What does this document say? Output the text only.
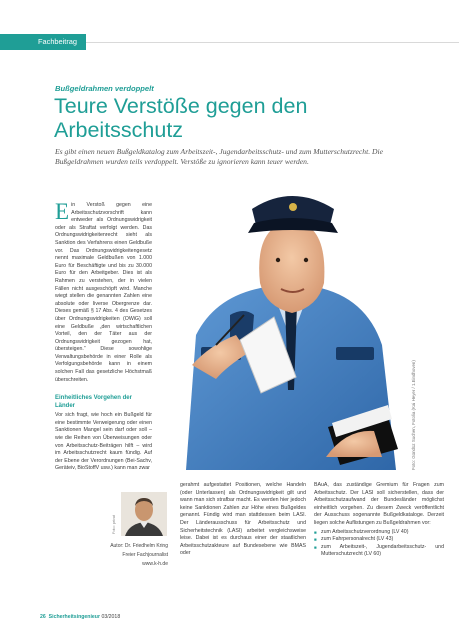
Fachbeitrag
Bußgeldrahmen verdoppelt
Teure Verstöße gegen den Arbeitsschutz

Es gibt einen neuen Bußgeldkatalog zum Arbeitszeit-, Jugendarbeitsschutz- und zum Mutterschutzrecht. Die Bußgeldrahmen wurden teils verdoppelt. Verstöße zu ignorieren kann teuer werden.

Ein Verstoß gegen eine Arbeitsschutzvorschrift kann entweder als Ordnungswidrigkeit oder als Straftat verfolgt werden. Das Ordnungswidrigkeitenrecht sieht als Sanktion des Verfahrens einen Geldbuße vor. Das Ordnungswidrigkeitengesetz nennt maximale Geldbußen von 1.000 Euro für Beschäftigte und bis zu 30.000 Euro für den Arbeitgeber. Dies ist als Rahmen zu verstehen, der in vielen Fällen nicht ausgeschöpft wird. Manche wiegt stellen die genannten Zahlen eine absolute oder Iiverse Obergrenze dar. Dieses gemäß § 17 Abs. 4 des Gesetzes über Ordnungswidrigkeiten (OWiG) soll eine Geldbuße „den wirtschaftlichen Vorteil, den der Täter aus der Ordnungswidrigkeit gezogen hat, übersteigen.“ Diese sowohlige Verwaltungsbehörde in einer Rolle als Verfolgungsbehörde kann in einem solchen Fall das gesetzliche Höchstmaß überschreiten.
Einheitliches Vorgehen der Länder
Vor sich fragt, wie hoch ein Bußgeld für eine bestimmte Verweigerung oder einen Sanktionen Mangel sein darf oder soll – wie die Reihen von Überweisungen oder von Arbeitsschutz-Beiträgen hilft – wird im Arbeitsschutzrecht kaum fündig. Auf der Ebene der Verordnungen (Bei-Sachv, Geräteiv, BioStoffV usw.) kann man zwar
gerahmt aufgestattet Positionen, welche Handeln (oder Unterlassen) als Ordnungswidrigkeit gilt und wann man sich strafbar macht. Es werden hier jedoch keine Sanktionen Zahlen zur Höhe eines Bußgeldes genannt. Fündig wird man stattdessen beim LASI. Der Länderausschuss für Arbeitsschutz und Sicherheitstechnik (LASI) arbeitet vergleichsweise leise. Dabei ist es durchaus einer der staatlichen Arbeitsschutzakteure auf Bundesebene wie BMAS oder
BAuA, das zuständige Gremium für Fragen zum Arbeitsschutz. Der LASI soll sicherstellen, dass der Arbeitsschutzaufwand der Bundesländer möglichst einheitlich vorgehen. Zu diesem Zweck veröffentlicht der Ausschuss sogenannte Bußgeldkataloge. Derzeit liegen solche Auflistungen zu Bußgeldrahmen vor:
■ zum Arbeitsschutzverordnung (LV 40)
■ zum Fahrpersonalrecht (LV 43)
■ zum Arbeitszeit-, Jugendarbeitsschutz- und Mutterschutzrecht (LV 60)
Foto: Gündüz Suchen, Fotolia (Kai Heyer / 1.Eindhoven)
Foto: privat
Autor: Dr. Friedhelm Kring
Freier Fachjournalist
www.k-h.de
26 Sicherheitsingenieur 03/2018
